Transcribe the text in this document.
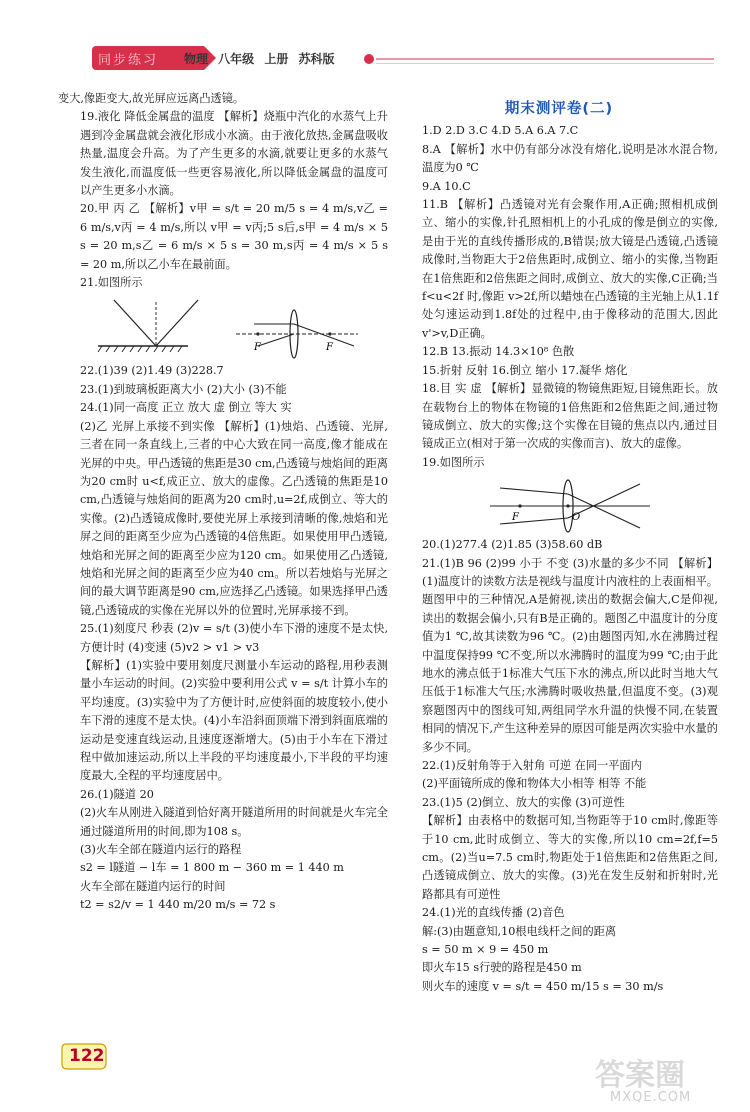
同步练习 物理 八年级 上册 苏科版

变大,像距变大,故光屏应远离凸透镜。

19.液化 降低金属盘的温度 【解析】烧瓶中汽化的水蒸气上升遇到冷金属盘就会液化形成小水滴。由于液化放热,金属盘吸收热量,温度会升高。为了产生更多的水滴,就要让更多的水蒸气发生液化,而温度低一些更容易液化,所以降低金属盘的温度可以产生更多小水滴。

20.甲 丙 乙 【解析】v甲 = s/t = 20 m/5 s = 4 m/s,v乙 = 6 m/s,v丙 = 4 m/s,所以 v甲 = v丙;5 s后,s甲 = 4 m/s × 5 s = 20 m,s乙 = 6 m/s × 5 s = 30 m,s丙 = 4 m/s × 5 s = 20 m,所以乙小车在最前面。

21.如图所示

F	F

22.(1)39 (2)1.49 (3)228.7

23.(1)到玻璃板距离大小 (2)大小 (3)不能

24.(1)同一高度 正立 放大 虚 倒立 等大 实

(2)乙 光屏上承接不到实像 【解析】(1)烛焰、凸透镜、光屏,三者在同一条直线上,三者的中心大致在同一高度,像才能成在光屏的中央。甲凸透镜的焦距是30 cm,凸透镜与烛焰间的距离为20 cm时 u<f,成正立、放大的虚像。乙凸透镜的焦距是10 cm,凸透镜与烛焰间的距离为20 cm时,u=2f,成倒立、等大的实像。(2)凸透镜成像时,要使光屏上承接到清晰的像,烛焰和光屏之间的距离至少应为凸透镜的4倍焦距。如果使用甲凸透镜,烛焰和光屏之间的距离至少应为120 cm。如果使用乙凸透镜,烛焰和光屏之间的距离至少应为40 cm。所以若烛焰与光屏之间的最大调节距离是90 cm,应选择乙凸透镜。如果选择甲凸透镜,凸透镜成的实像在光屏以外的位置时,光屏承接不到。

25.(1)刻度尺 秒表 (2)v = s/t (3)使小车下滑的速度不是太快,方便计时 (4)变速 (5)v2 > v1 > v3

【解析】(1)实验中要用刻度尺测量小车运动的路程,用秒表测量小车运动的时间。(2)实验中要利用公式 v = s/t 计算小车的平均速度。(3)实验中为了方便计时,应使斜面的坡度较小,使小车下滑的速度不是太快。(4)小车沿斜面顶端下滑到斜面底端的运动是变速直线运动,且速度逐渐增大。(5)由于小车在下滑过程中做加速运动,所以上半段的平均速度最小,下半段的平均速度最大,全程的平均速度居中。

26.(1)隧道 20

(2)火车从刚进入隧道到恰好离开隧道所用的时间就是火车完全通过隧道所用的时间,即为108 s。

(3)火车全部在隧道内运行的路程

s2 = l隧道 − l车 = 1 800 m − 360 m = 1 440 m

火车全部在隧道内运行的时间

t2 = s2/v = 1 440 m/20 m/s = 72 s

期末测评卷(二)

1.D 2.D 3.C 4.D 5.A 6.A 7.C

8.A 【解析】水中仍有部分冰没有熔化,说明是冰水混合物,温度为0 ℃

9.A 10.C

11.B 【解析】凸透镜对光有会聚作用,A正确;照相机成倒立、缩小的实像,针孔照相机上的小孔成的像是倒立的实像,是由于光的直线传播形成的,B错误;放大镜是凸透镜,凸透镜成像时,当物距大于2倍焦距时,成倒立、缩小的实像,当物距在1倍焦距和2倍焦距之间时,成倒立、放大的实像,C正确;当 f<u<2f 时,像距 v>2f,所以蜡烛在凸透镜的主光轴上从1.1f处匀速运动到1.8f处的过程中,由于像移动的范围大,因此 v'>v,D正确。

12.B 13.振动 14.3×10⁸ 色散

15.折射 反射 16.倒立 缩小 17.凝华 熔化

18.目 实 虚 【解析】显微镜的物镜焦距短,目镜焦距长。放在载物台上的物体在物镜的1倍焦距和2倍焦距之间,通过物镜成倒立、放大的实像;这个实像在目镜的焦点以内,通过目镜成正立(相对于第一次成的实像而言)、放大的虚像。

19.如图所示

F	O

20.(1)277.4 (2)1.85 (3)58.60 dB

21.(1)B 96 (2)99 小于 不变 (3)水量的多少不同 【解析】(1)温度计的读数方法是视线与温度计内液柱的上表面相平。题图甲中的三种情况,A是俯视,读出的数据会偏大,C是仰视,读出的数据会偏小,只有B是正确的。题图乙中温度计的分度值为1 ℃,故其读数为96 ℃。(2)由题图丙知,水在沸腾过程中温度保持99 ℃不变,所以水沸腾时的温度为99 ℃;由于此地水的沸点低于1标准大气压下水的沸点,所以此时当地大气压低于1标准大气压;水沸腾时吸收热量,但温度不变。(3)观察题图丙中的图线可知,两组同学水升温的快慢不同,在装置相同的情况下,产生这种差异的原因可能是两次实验中水量的多少不同。

22.(1)反射角等于入射角 可逆 在同一平面内

(2)平面镜所成的像和物体大小相等 相等 不能

23.(1)5 (2)倒立、放大的实像 (3)可逆性

【解析】由表格中的数据可知,当物距等于10 cm时,像距等于10 cm,此时成倒立、等大的实像,所以10 cm=2f,f=5 cm。(2)当u=7.5 cm时,物距处于1倍焦距和2倍焦距之间,凸透镜成倒立、放大的实像。(3)光在发生反射和折射时,光路都具有可逆性

24.(1)光的直线传播 (2)音色

解:(3)由题意知,10根电线杆之间的距离

s = 50 m × 9 = 450 m

即火车15 s行驶的路程是450 m

则火车的速度 v = s/t = 450 m/15 s = 30 m/s

122
答案圈
MXQE.COM
